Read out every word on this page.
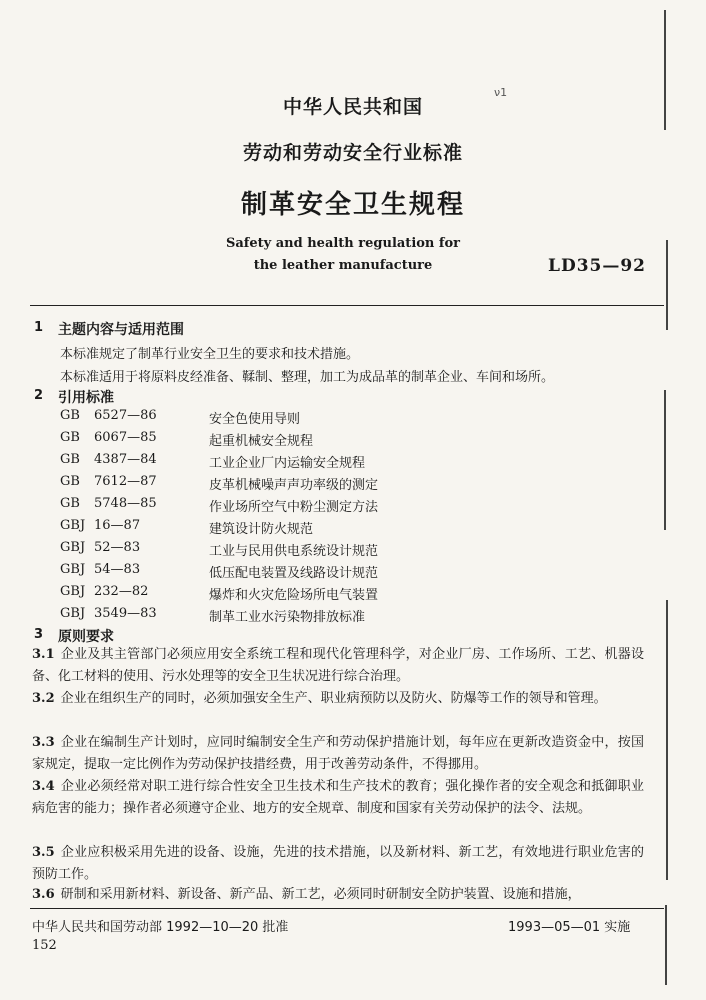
ν1
中华人民共和国
劳动和劳动安全行业标准
制革安全卫生规程
Safety and health regulation for
the leather manufacture	LD35—92
1 主题内容与适用范围
本标准规定了制革行业安全卫生的要求和技术措施。
本标准适用于将原料皮经准备、鞣制、整理，加工为成品革的制革企业、车间和场所。
2 引用标准
GB	6527—86	安全色使用导则
GB	6067—85	起重机械安全规程
GB	4387—84	工业企业厂内运输安全规程
GB	7612—87	皮革机械噪声声功率级的测定
GB	5748—85	作业场所空气中粉尘测定方法
GBJ 16—87	建筑设计防火规范
GBJ 52—83	工业与民用供电系统设计规范
GBJ 54—83	低压配电装置及线路设计规范
GBJ 232—82	爆炸和火灾危险场所电气装置
GBJ 3549—83	制革工业水污染物排放标准
3 原则要求
3.1 企业及其主管部门必须应用安全系统工程和现代化管理科学，对企业厂房、工作场所、工艺、机器设备、化工材料的使用、污水处理等的安全卫生状况进行综合治理。
3.2 企业在组织生产的同时，必须加强安全生产、职业病预防以及防火、防爆等工作的领导和管理。
3.3 企业在编制生产计划时，应同时编制安全生产和劳动保护措施计划，每年应在更新改造资金中，按国家规定，提取一定比例作为劳动保护技措经费，用于改善劳动条件，不得挪用。
3.4 企业必须经常对职工进行综合性安全卫生技术和生产技术的教育；强化操作者的安全观念和抵御职业病危害的能力；操作者必须遵守企业、地方的安全规章、制度和国家有关劳动保护的法令、法规。
3.5 企业应积极采用先进的设备、设施，先进的技术措施，以及新材料、新工艺，有效地进行职业危害的预防工作。
3.6 研制和采用新材料、新设备、新产品、新工艺，必须同时研制安全防护装置、设施和措施，
中华人民共和国劳动部 1992—10—20 批准	1993—05—01 实施
152
